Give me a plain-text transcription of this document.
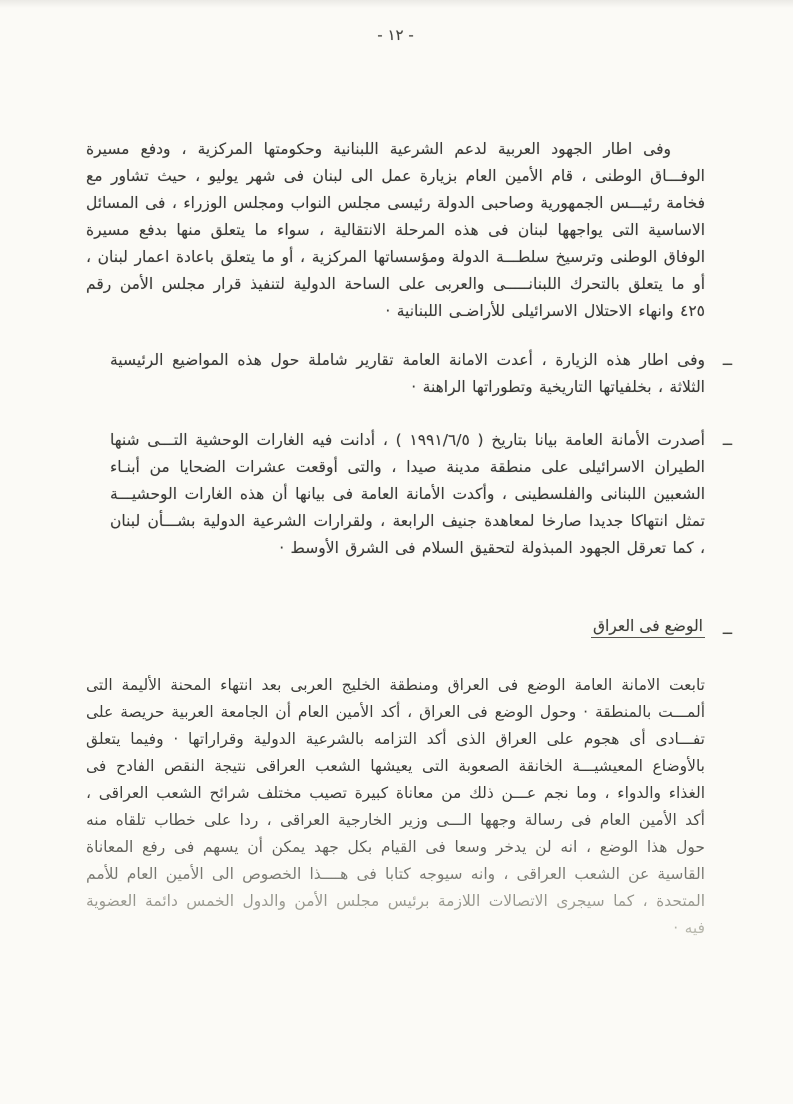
- ١٢ -

وفى اطار الجهود العربية لدعم الشرعية اللبنانية وحكومتها المركزية ، ودفع مسيرة الوفـــاق الوطنى ، قام الأمين العام بزيارة عمل الى لبنان فى شهر يوليو ، حيث تشاور مع فخامة رئيـــس الجمهورية وصاحبى الدولة رئيسى مجلس النواب ومجلس الوزراء ، فى المسائل الاساسية التى يواجهها لبنان فى هذه المرحلة الانتقالية ، سواء ما يتعلق منها بدفع مسيرة الوفاق الوطنى وترسيخ سلطـــة الدولة ومؤسساتها المركزية ، أو ما يتعلق باعادة اعمار لبنان ، أو ما يتعلق بالتحرك اللبنانـــــى والعربى على الساحة الدولية لتنفيذ قرار مجلس الأمن رقم ٤٢٥ وانهاء الاحتلال الاسرائيلى للأراضـى اللبنانية ·

ــ

وفى اطار هذه الزيارة ، أعدت الامانة العامة تقارير شاملة حول هذه المواضيع الرئيسية الثلاثة ، بخلفياتها التاريخية وتطوراتها الراهنة ·

ــ

أصدرت الأمانة العامة بيانا بتاريخ ( ١٩٩١/٦/٥ ) ، أدانت فيه الغارات الوحشية التـــى شنها الطيران الاسرائيلى على منطقة مدينة صيدا ، والتى أوقعت عشرات الضحايا من أبنـاء الشعبين اللبنانى والفلسطينى ، وأكدت الأمانة العامة فى بيانها أن هذه الغارات الوحشيـــة تمثل انتهاكا جديدا صارخا لمعاهدة جنيف الرابعة ، ولقرارات الشرعية الدولية بشـــأن لبنان ، كما تعرقل الجهود المبذولة لتحقيق السلام فى الشرق الأوسط ·

ــ
الوضع فى العراق

تابعت الامانة العامة الوضع فى العراق ومنطقة الخليج العربى بعد انتهاء المحنة الأليمة التى ألمـــت بالمنطقة · وحول الوضع فى العراق ، أكد الأمين العام أن الجامعة العربية حريصة على تفـــادى أى هجوم على العراق الذى أكد التزامه بالشرعية الدولية وقراراتها · وفيما يتعلق بالأوضاع المعيشيـــة الخانقة الصعوبة التى يعيشها الشعب العراقى نتيجة النقص الفادح فى الغذاء والدواء ، وما نجم عـــن ذلك من معاناة كبيرة تصيب مختلف شرائح الشعب العراقى ، أكد الأمين العام فى رسالة وجهها الـــى وزير الخارجية العراقى ، ردا على خطاب تلقاه منه حول هذا الوضع ، انه لن يدخر وسعا فى القيام بكل جهد يمكن أن يسهم فى رفع المعاناة القاسية عن الشعب العراقى ، وانه سيوجه كتابا فى هــــذا الخصوص الى الأمين العام للأمم المتحدة ، كما سيجرى الاتصالات اللازمة برئيس مجلس الأمن والدول الخمس دائمة العضوية فيه ·
